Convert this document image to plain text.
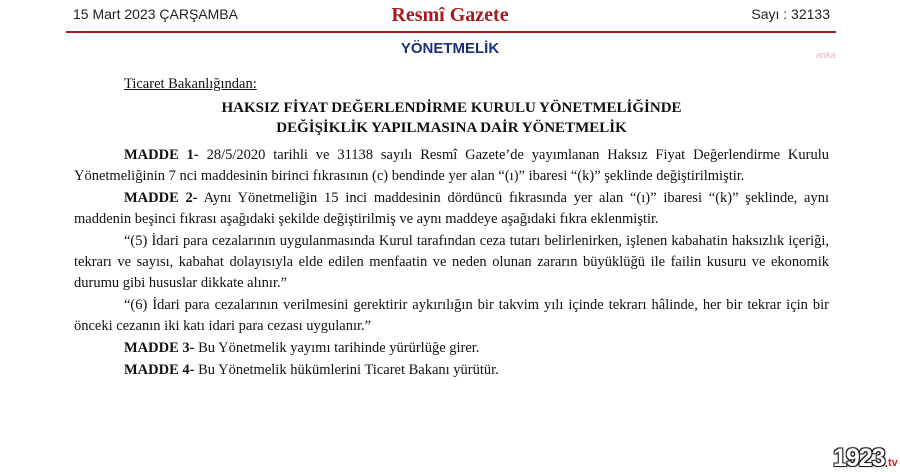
15 Mart 2023 ÇARŞAMBA	Resmî Gazete	Sayı : 32133
YÖNETMELİK	anka
Ticaret Bakanlığından:
HAKSIZ FİYAT DEĞERLENDİRME KURULU YÖNETMELİĞİNDE
DEĞİŞİKLİK YAPILMASINA DAİR YÖNETMELİK

MADDE 1- 28/5/2020 tarihli ve 31138 sayılı Resmî Gazete’de yayımlanan Haksız Fiyat Değerlendirme Kurulu Yönetmeliğinin 7 nci maddesinin birinci fıkrasının (c) bendinde yer alan “(ı)” ibaresi “(k)” şeklinde değiştirilmiştir.

MADDE 2- Aynı Yönetmeliğin 15 inci maddesinin dördüncü fıkrasında yer alan “(ı)” ibaresi “(k)” şeklinde, aynı maddenin beşinci fıkrası aşağıdaki şekilde değiştirilmiş ve aynı maddeye aşağıdaki fıkra eklenmiştir.

“(5) İdari para cezalarının uygulanmasında Kurul tarafından ceza tutarı belirlenirken, işlenen kabahatin haksızlık içeriği, tekrarı ve sayısı, kabahat dolayısıyla elde edilen menfaatin ve neden olunan zararın büyüklüğü ile failin kusuru ve ekonomik durumu gibi hususlar dikkate alınır.”

“(6) İdari para cezalarının verilmesini gerektirir aykırılığın bir takvim yılı içinde tekrarı hâlinde, her bir tekrar için bir önceki cezanın iki katı idari para cezası uygulanır.”

MADDE 3- Bu Yönetmelik yayımı tarihinde yürürlüğe girer.

MADDE 4- Bu Yönetmelik hükümlerini Ticaret Bakanı yürütür.

1923 . tv
